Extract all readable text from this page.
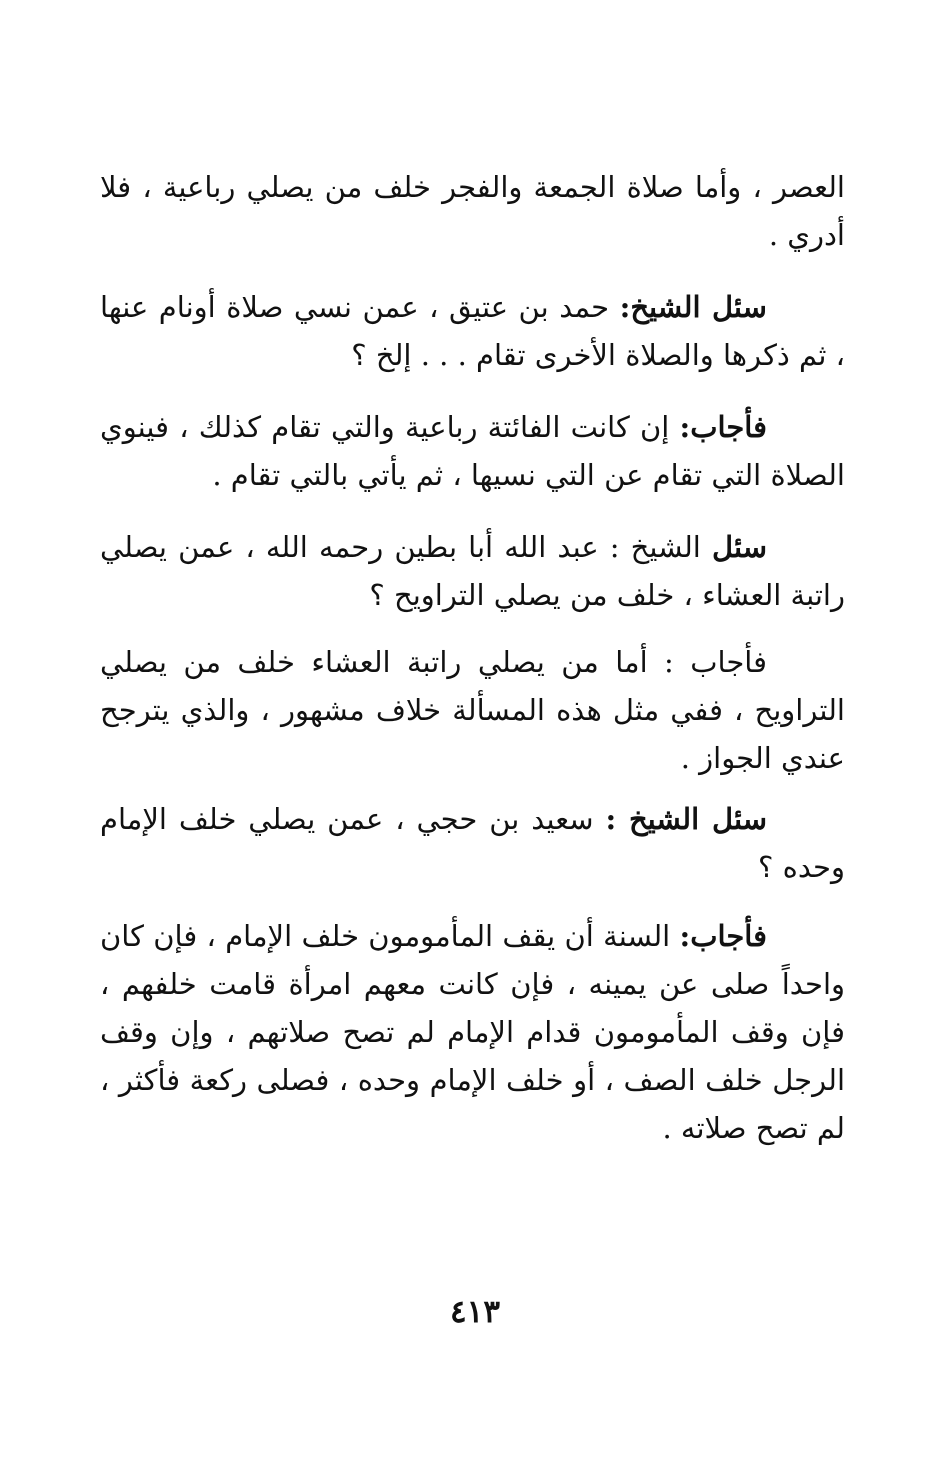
العصر ، وأما صلاة الجمعة والفجر خلف من يصلي رباعية ، فلا أدري .

سئل الشيخ: حمد بن عتيق ، عمن نسي صلاة أونام عنها ، ثم ذكرها والصلاة الأخرى تقام . . . إلخ ؟

فأجاب: إن كانت الفائتة رباعية والتي تقام كذلك ، فينوي الصلاة التي تقام عن التي نسيها ، ثم يأتي بالتي تقام .

سئل الشيخ : عبد الله أبا بطين رحمه الله ، عمن يصلي راتبة العشاء ، خلف من يصلي التراويح ؟

فأجاب : أما من يصلي راتبة العشاء خلف من يصلي التراويح ، ففي مثل هذه المسألة خلاف مشهور ، والذي يترجح عندي الجواز .

سئل الشيخ : سعيد بن حجي ، عمن يصلي خلف الإمام وحده ؟

فأجاب: السنة أن يقف المأمومون خلف الإمام ، فإن كان واحداً صلى عن يمينه ، فإن كانت معهم امرأة قامت خلفهم ، فإن وقف المأمومون قدام الإمام لم تصح صلاتهم ، وإن وقف الرجل خلف الصف ، أو خلف الإمام وحده ، فصلى ركعة فأكثر ، لم تصح صلاته .

٤١٣
